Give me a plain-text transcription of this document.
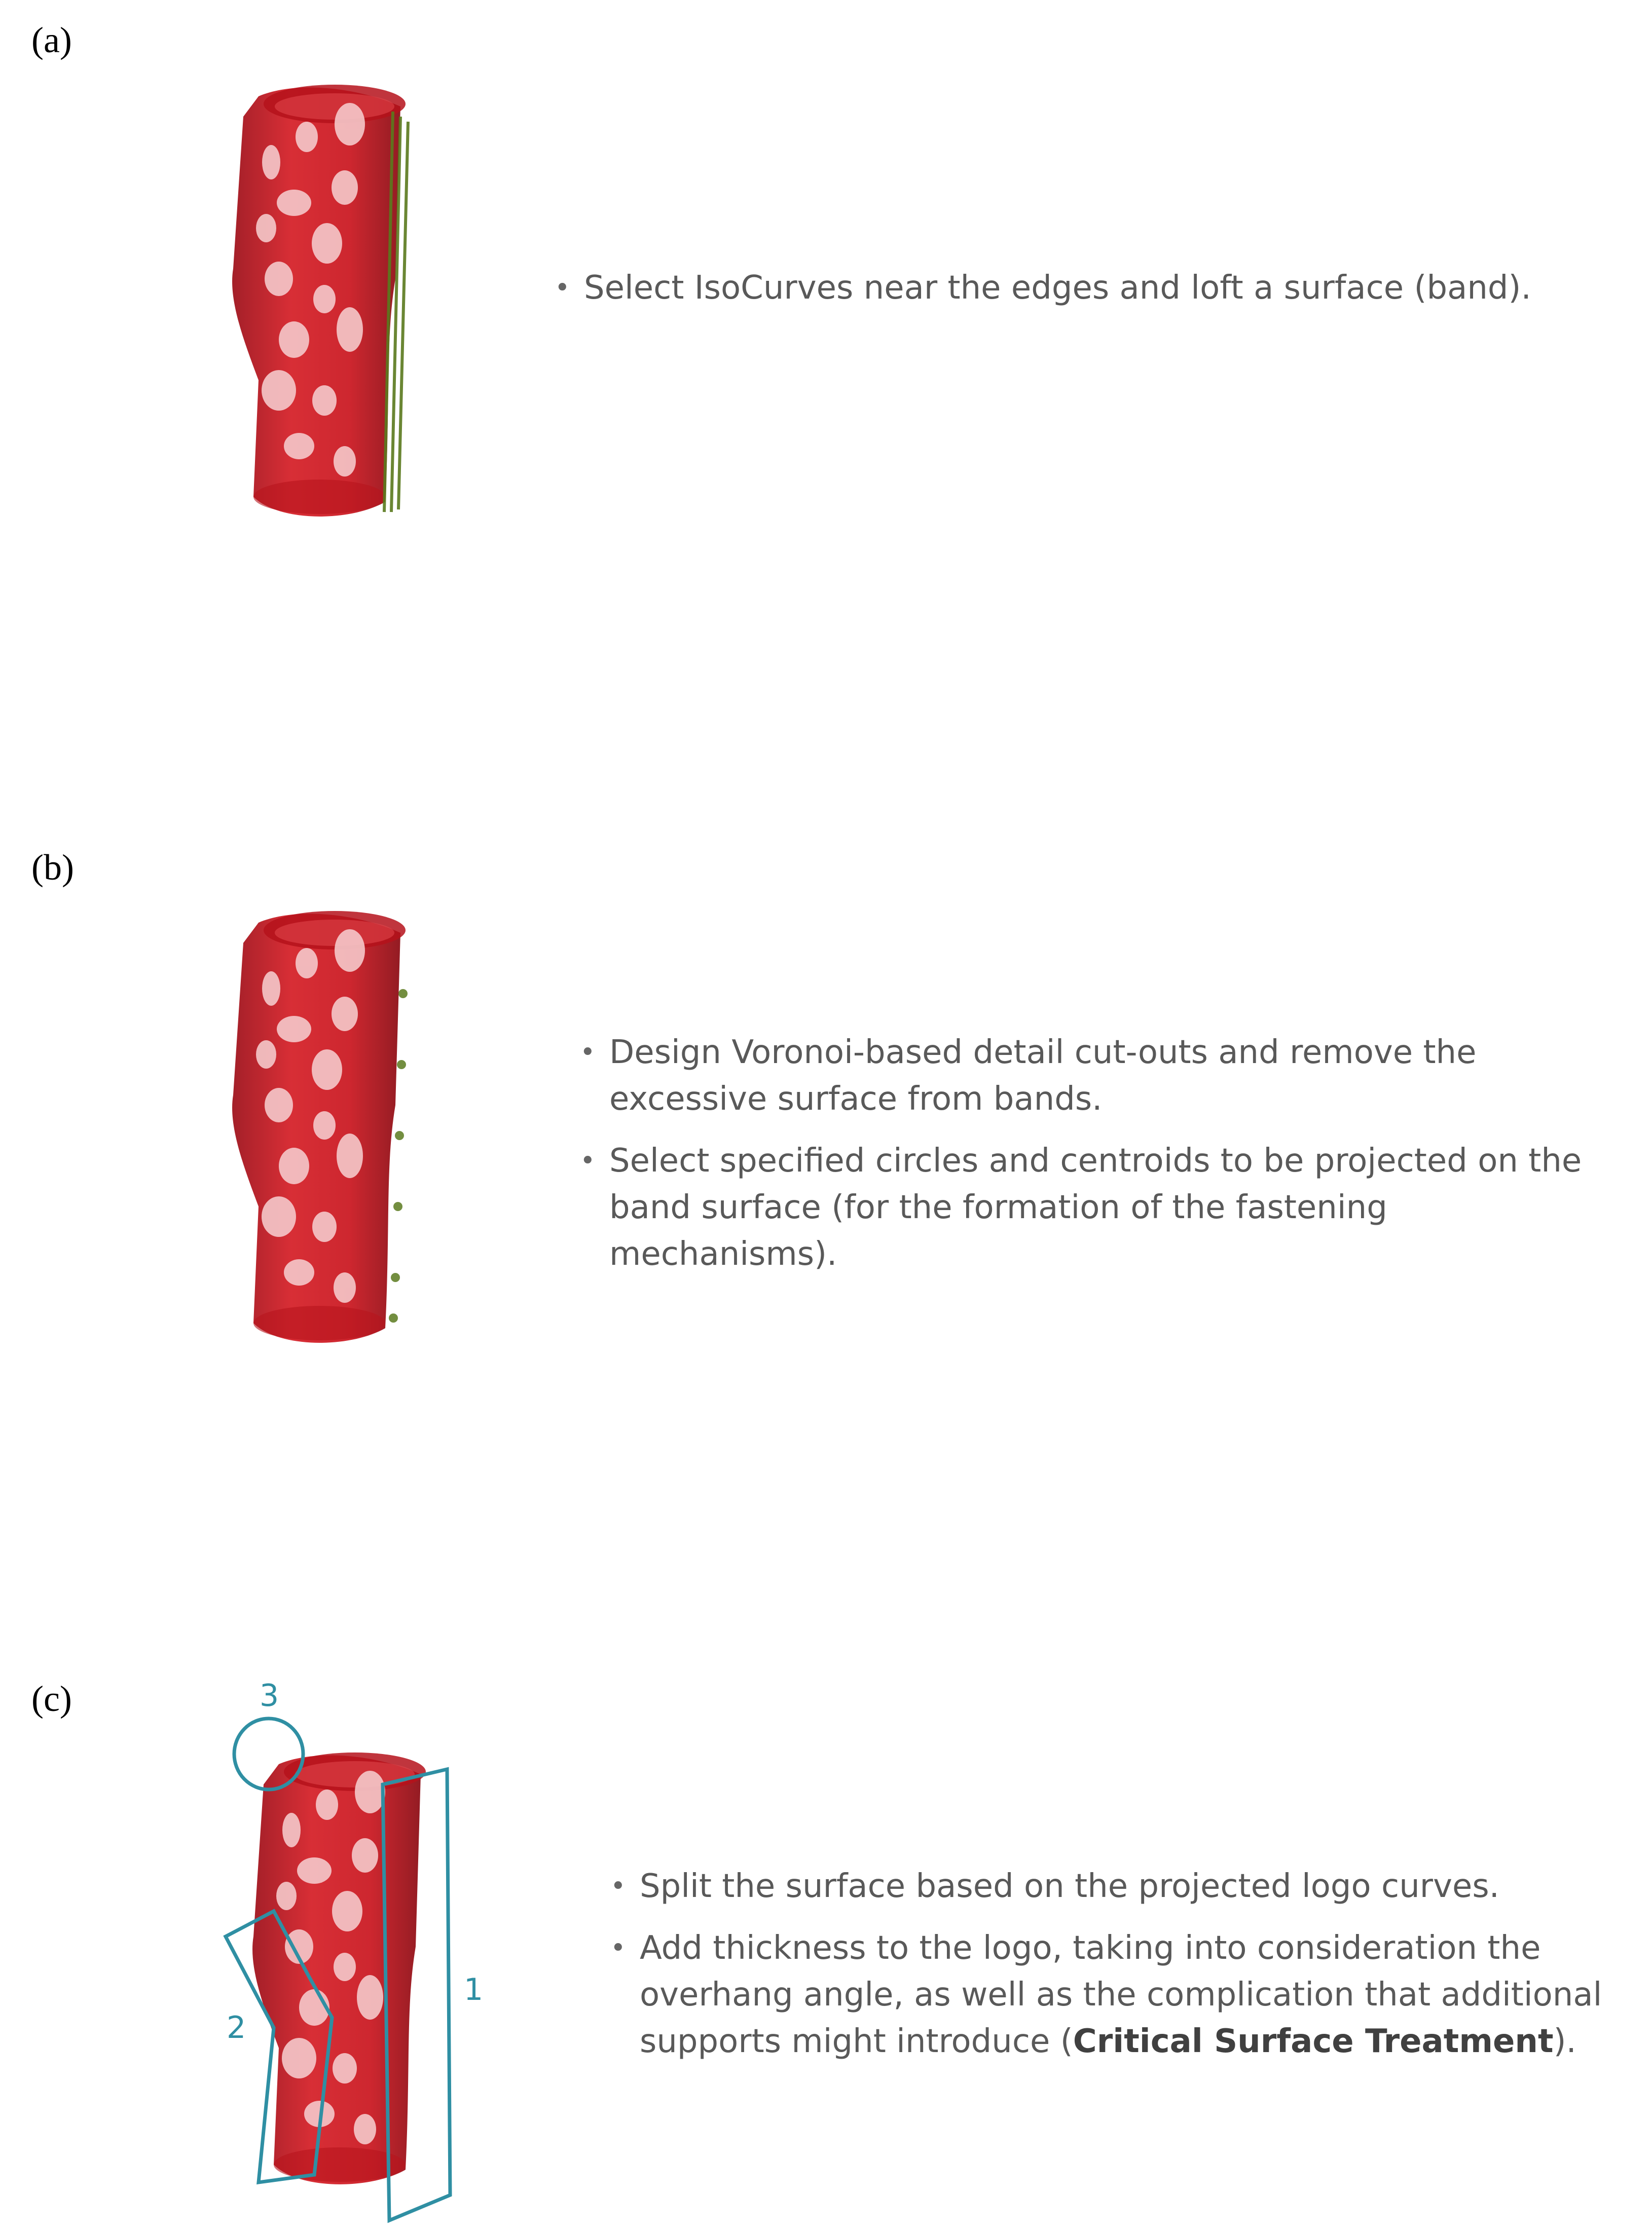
(a)
• Select IsoCurves near the edges and loft a surface (band).
(b)
• Design Voronoi-based detail cut-outs and remove the excessive surface from bands.
• Select specified circles and centroids to be projected on the band surface (for the formation of the fastening mechanisms).
(c)	3
2
1
• Split the surface based on the projected logo curves.
• Add thickness to the logo, taking into consideration the overhang angle, as well as the complication that additional supports might introduce (Critical Surface Treatment).
